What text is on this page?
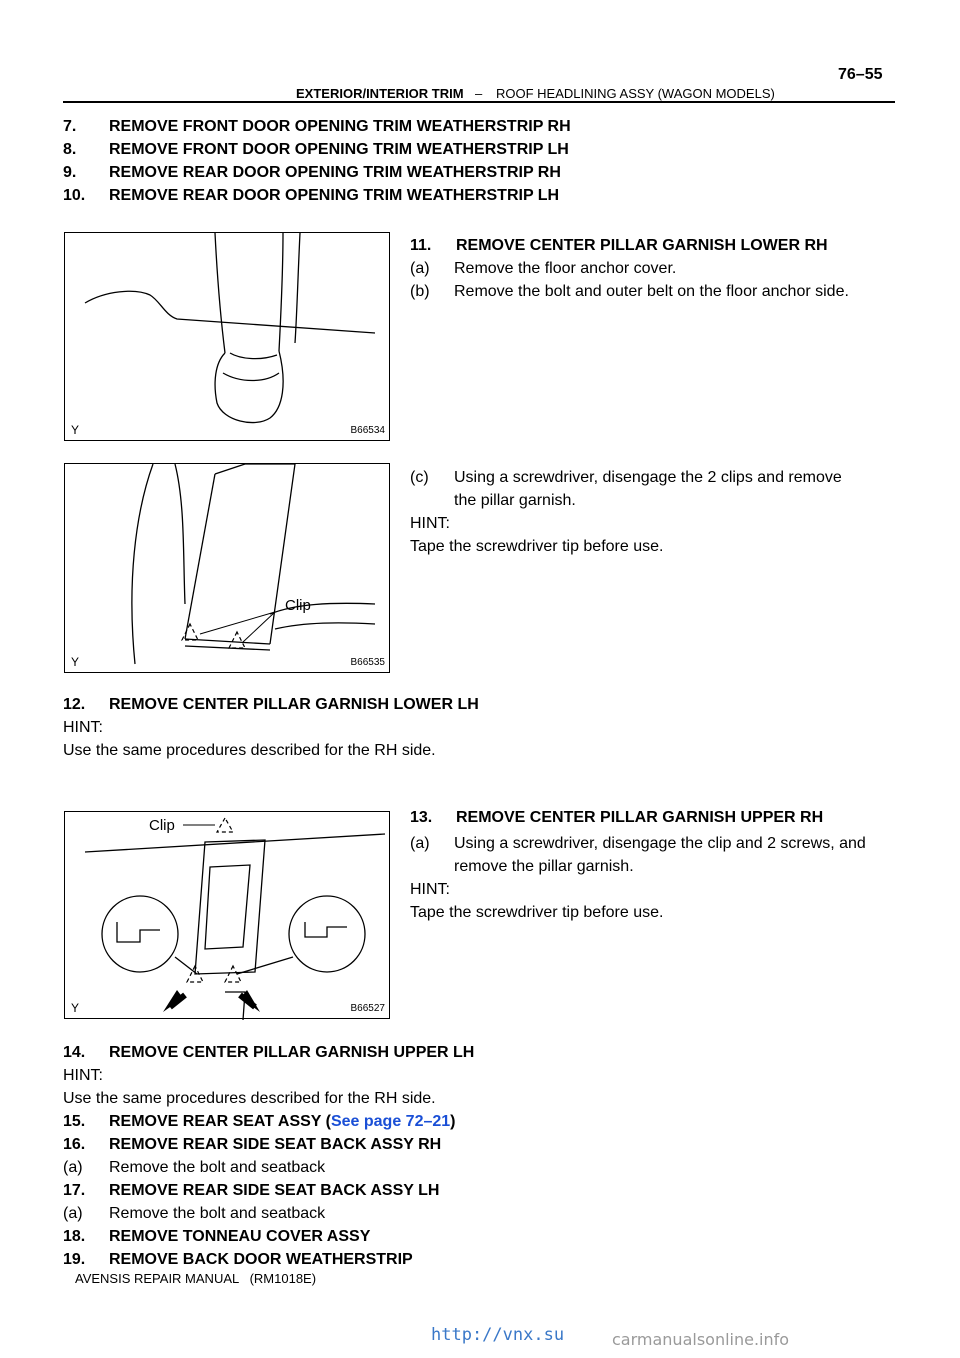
76–55
EXTERIOR/INTERIOR TRIM – ROOF HEADLINING ASSY (WAGON MODELS)
7. REMOVE FRONT DOOR OPENING TRIM WEATHERSTRIP RH
8. REMOVE FRONT DOOR OPENING TRIM WEATHERSTRIP LH
9. REMOVE REAR DOOR OPENING TRIM WEATHERSTRIP RH
10. REMOVE REAR DOOR OPENING TRIM WEATHERSTRIP LH
Y	B66534
11. REMOVE CENTER PILLAR GARNISH LOWER RH
(a) Remove the floor anchor cover.
(b) Remove the bolt and outer belt on the floor anchor side.
Clip
Y	B66535
(c) Using a screwdriver, disengage the 2 clips and remove
the pillar garnish.
HINT:
Tape the screwdriver tip before use.
12. REMOVE CENTER PILLAR GARNISH LOWER LH
HINT:
Use the same procedures described for the RH side.
Clip
Y	B66527
13. REMOVE CENTER PILLAR GARNISH UPPER RH
(a) Using a screwdriver, disengage the clip and 2 screws, and
remove the pillar garnish.
HINT:
Tape the screwdriver tip before use.
14. REMOVE CENTER PILLAR GARNISH UPPER LH
HINT:
Use the same procedures described for the RH side.
15. REMOVE REAR SEAT ASSY (See page 72–21)
16. REMOVE REAR SIDE SEAT BACK ASSY RH
(a) Remove the bolt and seatback
17. REMOVE REAR SIDE SEAT BACK ASSY LH
(a) Remove the bolt and seatback
18. REMOVE TONNEAU COVER ASSY
19. REMOVE BACK DOOR WEATHERSTRIP
AVENSIS REPAIR MANUAL   (RM1018E)
http://vnx.su	carmanualsonline.info
